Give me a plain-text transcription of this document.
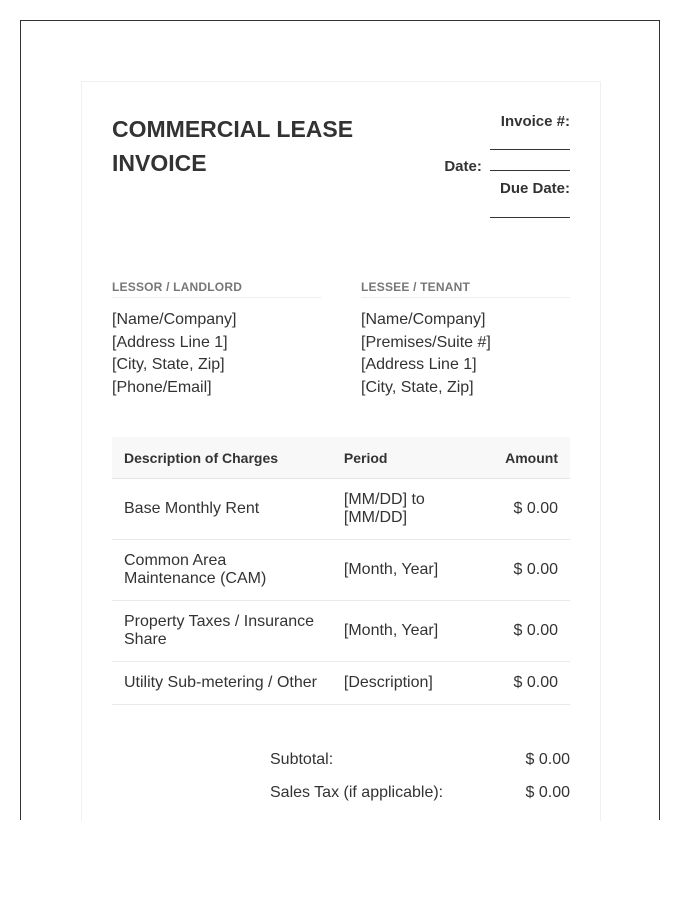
COMMERCIAL LEASE
INVOICE
Invoice #:
Date:
Due Date:
LESSOR / LANDLORD
[Name/Company]
[Address Line 1]
[City, State, Zip]
[Phone/Email]
LESSEE / TENANT
[Name/Company]
[Premises/Suite #]
[Address Line 1]
[City, State, Zip]
Description of Charges	Period	Amount
Base Monthly Rent	[MM/DD] to [MM/DD]	$ 0.00
Common Area Maintenance (CAM)	[Month, Year]	$ 0.00
Property Taxes / Insurance Share	[Month, Year]	$ 0.00
Utility Sub-metering / Other	[Description]	$ 0.00
Subtotal:	$ 0.00
Sales Tax (if applicable):	$ 0.00
